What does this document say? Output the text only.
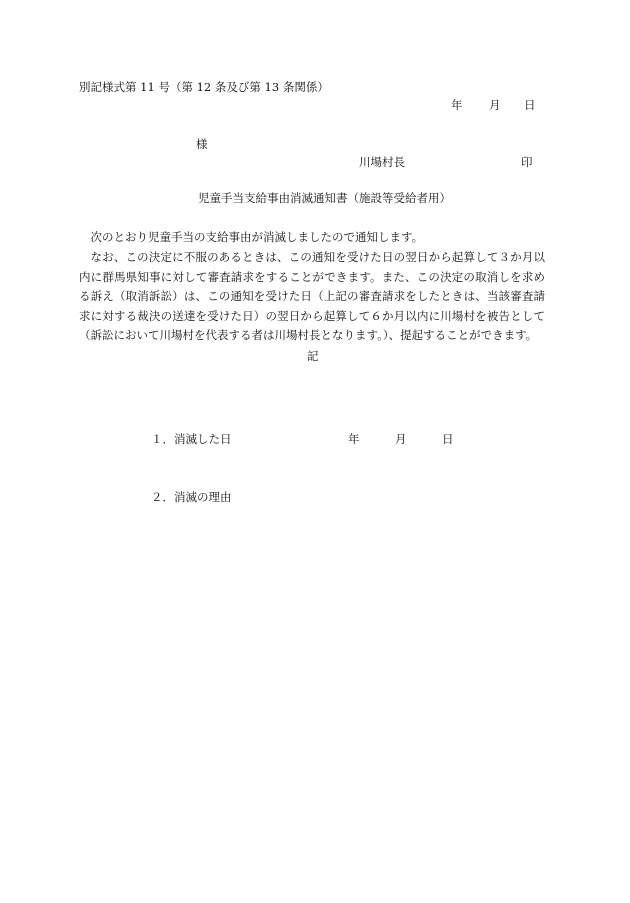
別記様式第 11 号（第 12 条及び第 13 条関係）
年 月 日
様
川場村長	印
児童手当支給事由消滅通知書（施設等受給者用）

次のとおり児童手当の支給事由が消滅しましたので通知します。

なお、この決定に不服のあるときは、この通知を受けた日の翌日から起算して３か月以内に群馬県知事に対して審査請求をすることができます。また、この決定の取消しを求める訴え（取消訴訟）は、この通知を受けた日（上記の審査請求をしたときは、当該審査請求に対する裁決の送達を受けた日）の翌日から起算して６か月以内に川場村を被告として（訴訟において川場村を代表する者は川場村長となります。）、提起することができます。

記
１．消滅した日	年	月	日
２．消滅の理由
